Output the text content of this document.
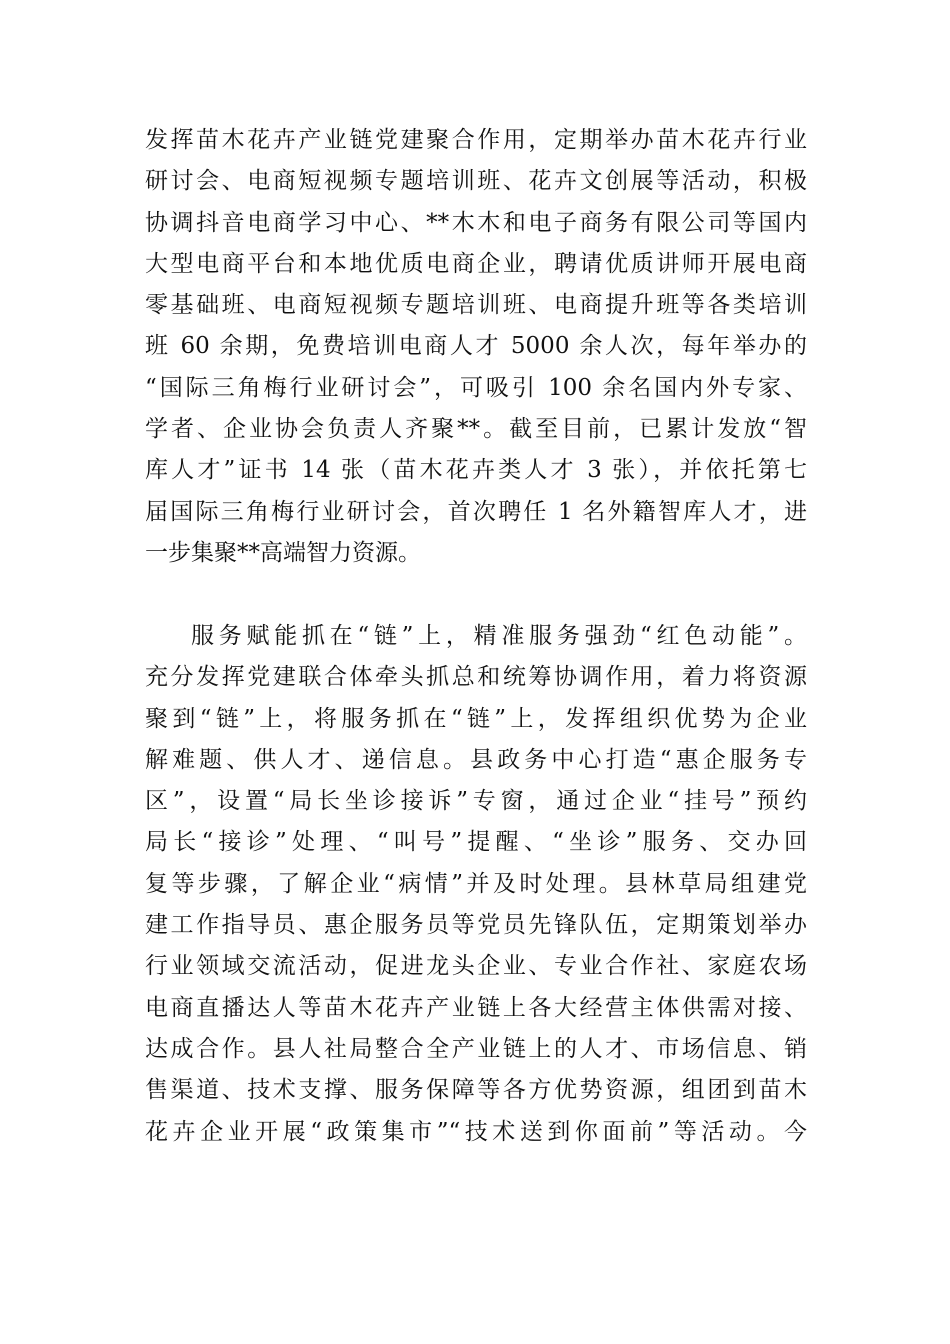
发挥苗木花卉产业链党建聚合作用，定期举办苗木花卉行业
研讨会、电商短视频专题培训班、花卉文创展等活动，积极
协调抖音电商学习中心、**木木和电子商务有限公司等国内
大型电商平台和本地优质电商企业，聘请优质讲师开展电商
零基础班、电商短视频专题培训班、电商提升班等各类培训
班 60 余期，免费培训电商人才 5000 余人次，每年举办的
“国际三角梅行业研讨会”，可吸引 100 余名国内外专家、
学者、企业协会负责人齐聚**。截至目前，已累计发放“智
库人才”证书 14 张（苗木花卉类人才 3 张），并依托第七
届国际三角梅行业研讨会，首次聘任 1 名外籍智库人才，进
一步集聚**高端智力资源。
服务赋能抓在“链”上，精准服务强劲“红色动能”。
充分发挥党建联合体牵头抓总和统筹协调作用，着力将资源
聚到“链”上，将服务抓在“链”上，发挥组织优势为企业
解难题、供人才、递信息。县政务中心打造“惠企服务专
区”，设置“局长坐诊接诉”专窗，通过企业“挂号”预约
局长“接诊”处理、“叫号”提醒、“坐诊”服务、交办回
复等步骤，了解企业“病情”并及时处理。县林草局组建党
建工作指导员、惠企服务员等党员先锋队伍，定期策划举办
行业领域交流活动，促进龙头企业、专业合作社、家庭农场
电商直播达人等苗木花卉产业链上各大经营主体供需对接、
达成合作。县人社局整合全产业链上的人才、市场信息、销
售渠道、技术支撑、服务保障等各方优势资源，组团到苗木
花卉企业开展“政策集市”“技术送到你面前”等活动。今
